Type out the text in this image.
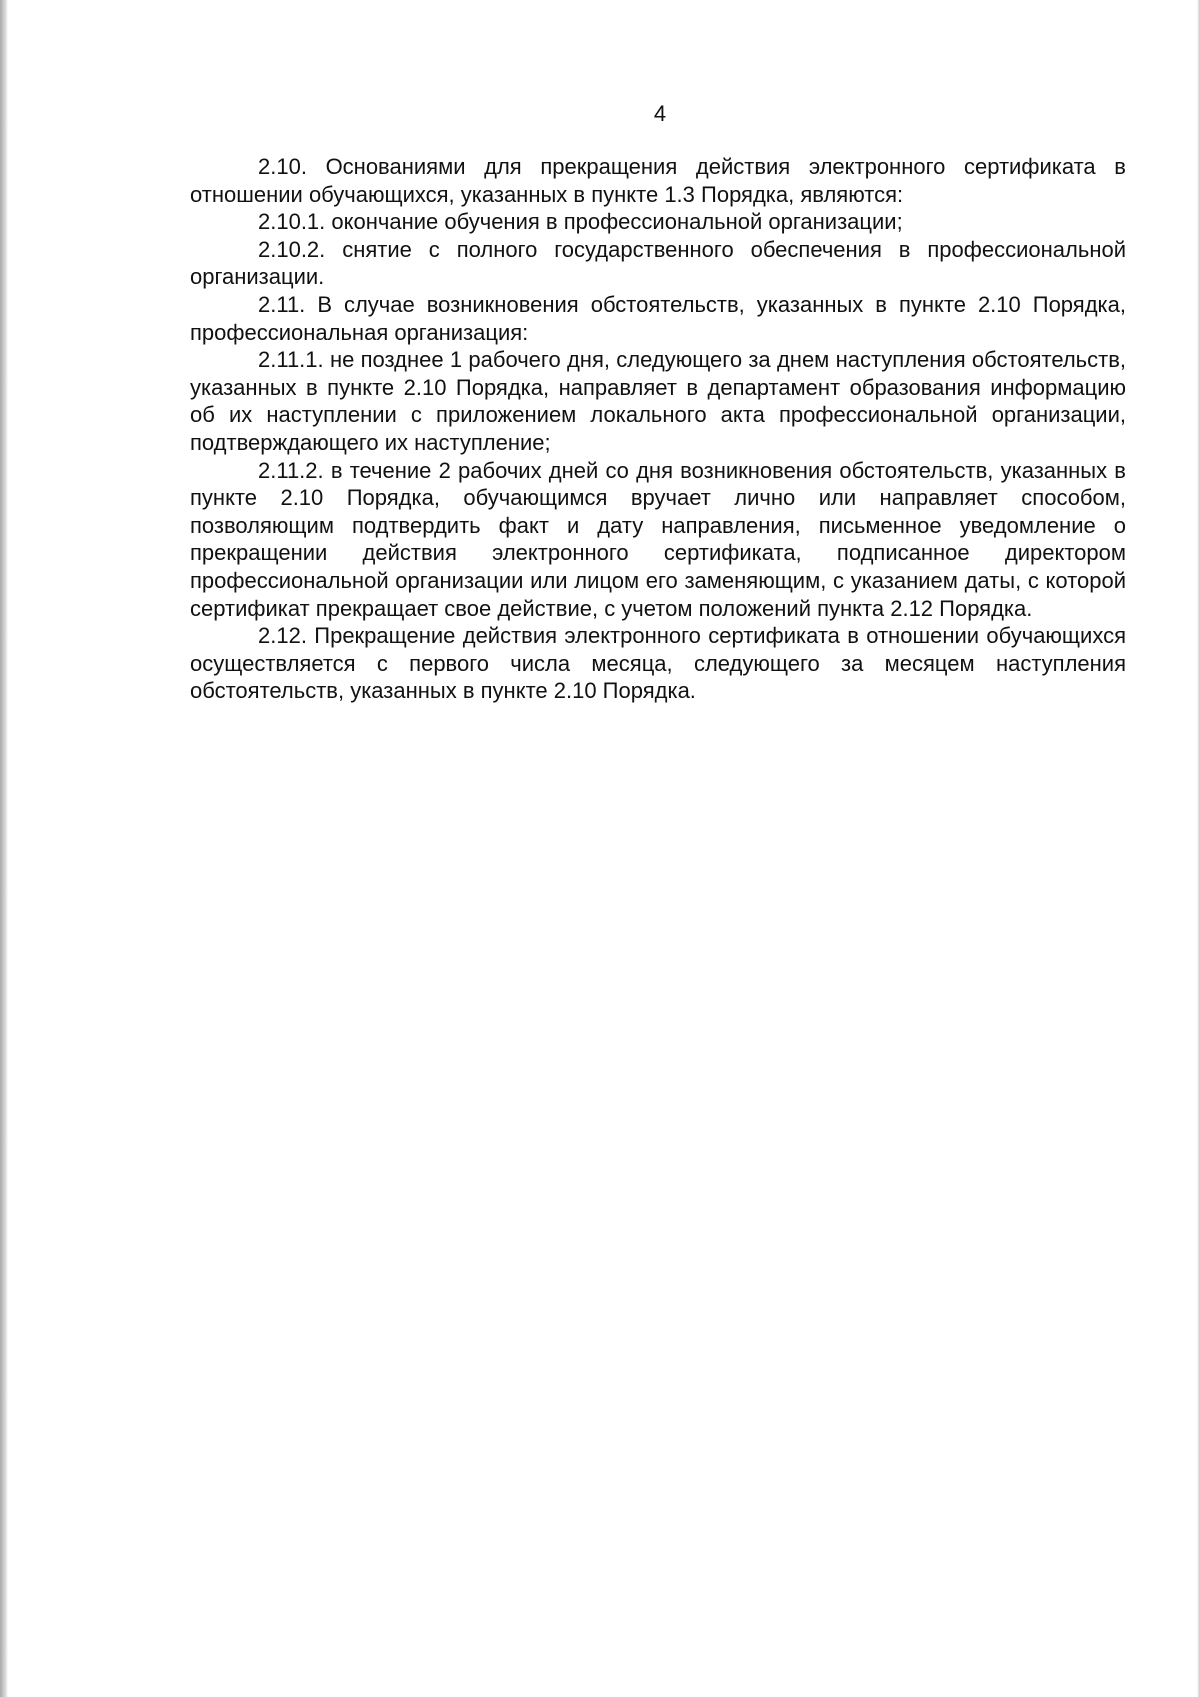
4

2.10. Основаниями для прекращения действия электронного сертификата в отношении обучающихся, указанных в пункте 1.3 Порядка, являются:

2.10.1. окончание обучения в профессиональной организации;

2.10.2. снятие с полного государственного обеспечения в профессиональной организации.

2.11. В случае возникновения обстоятельств, указанных в пункте 2.10 Порядка, профессиональная организация:

2.11.1. не позднее 1 рабочего дня, следующего за днем наступления обстоятельств, указанных в пункте 2.10 Порядка, направляет в департамент образования информацию об их наступлении с приложением локального акта профессиональной организации, подтверждающего их наступление;

2.11.2. в течение 2 рабочих дней со дня возникновения обстоятельств, указанных в пункте 2.10 Порядка, обучающимся вручает лично или направляет способом, позволяющим подтвердить факт и дату направления, письменное уведомление о прекращении действия электронного сертификата, подписанное директором профессиональной организации или лицом его заменяющим, с указанием даты, с которой сертификат прекращает свое действие, с учетом положений пункта 2.12 Порядка.

2.12. Прекращение действия электронного сертификата в отношении обучающихся осуществляется с первого числа месяца, следующего за месяцем наступления обстоятельств, указанных в пункте 2.10 Порядка.
